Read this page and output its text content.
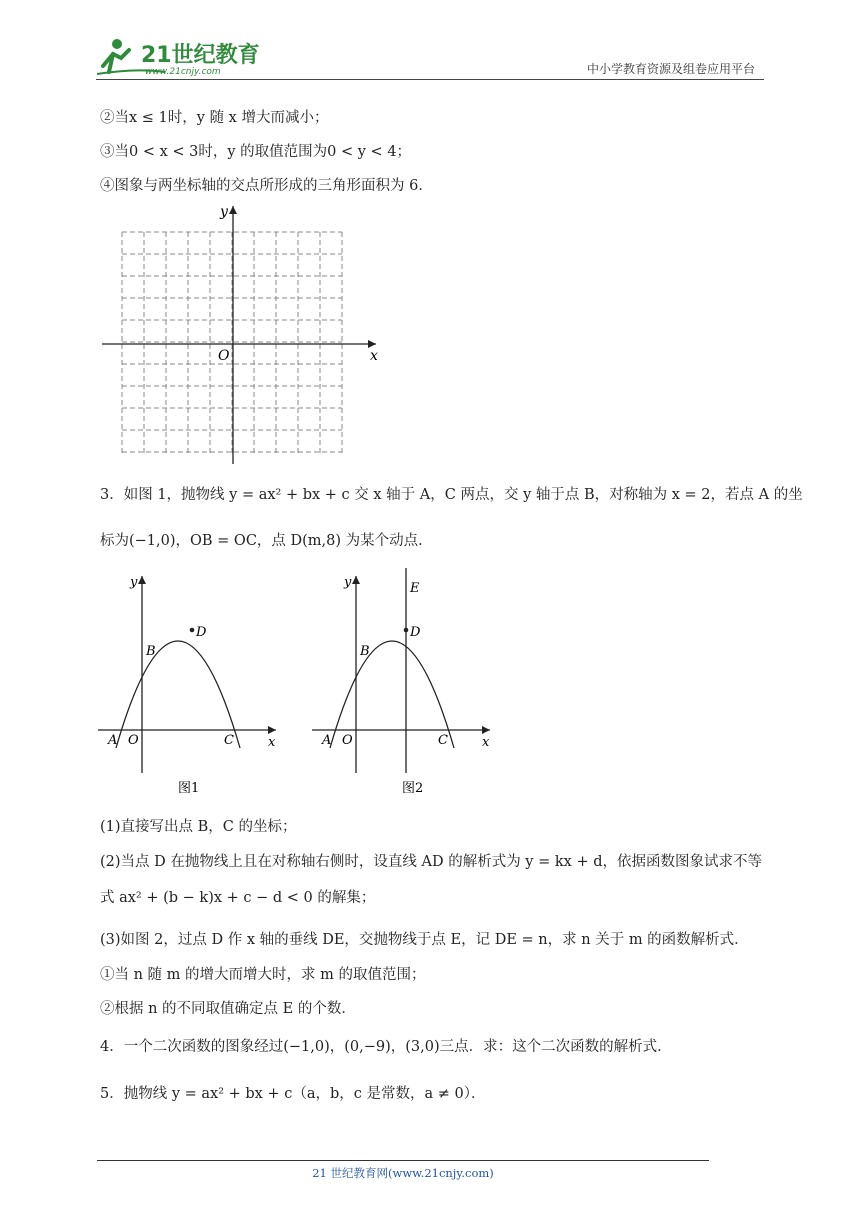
21世纪教育
www.21cnjy.com	中小学教育资源及组卷应用平台
②当x ≤ 1时，y 随 x 增大而减小；
③当0 < x < 3时，y 的取值范围为0 < y < 4；
④图象与两坐标轴的交点所形成的三角形面积为 6．
y
x
O
3．如图 1，抛物线 y = ax² + bx + c 交 x 轴于 A，C 两点，交 y 轴于点 B，对称轴为 x = 2，若点 A 的坐
标为(−1,0)，OB = OC，点 D(m,8) 为某个动点．
y
x
A O
B
C
D
图1
y
x
A O
B
C
D
E
图2
(1)直接写出点 B，C 的坐标；
(2)当点 D 在抛物线上且在对称轴右侧时，设直线 AD 的解析式为 y = kx + d，依据函数图象试求不等
式 ax² + (b − k)x + c − d < 0 的解集；
(3)如图 2，过点 D 作 x 轴的垂线 DE，交抛物线于点 E，记 DE = n，求 n 关于 m 的函数解析式．
①当 n 随 m 的增大而增大时，求 m 的取值范围；
②根据 n 的不同取值确定点 E 的个数．
4．一个二次函数的图象经过(−1,0)，(0,−9)，(3,0)三点．求：这个二次函数的解析式．
5．抛物线 y = ax² + bx + c（a，b，c 是常数，a ≠ 0）．
21 世纪教育网(www.21cnjy.com)
